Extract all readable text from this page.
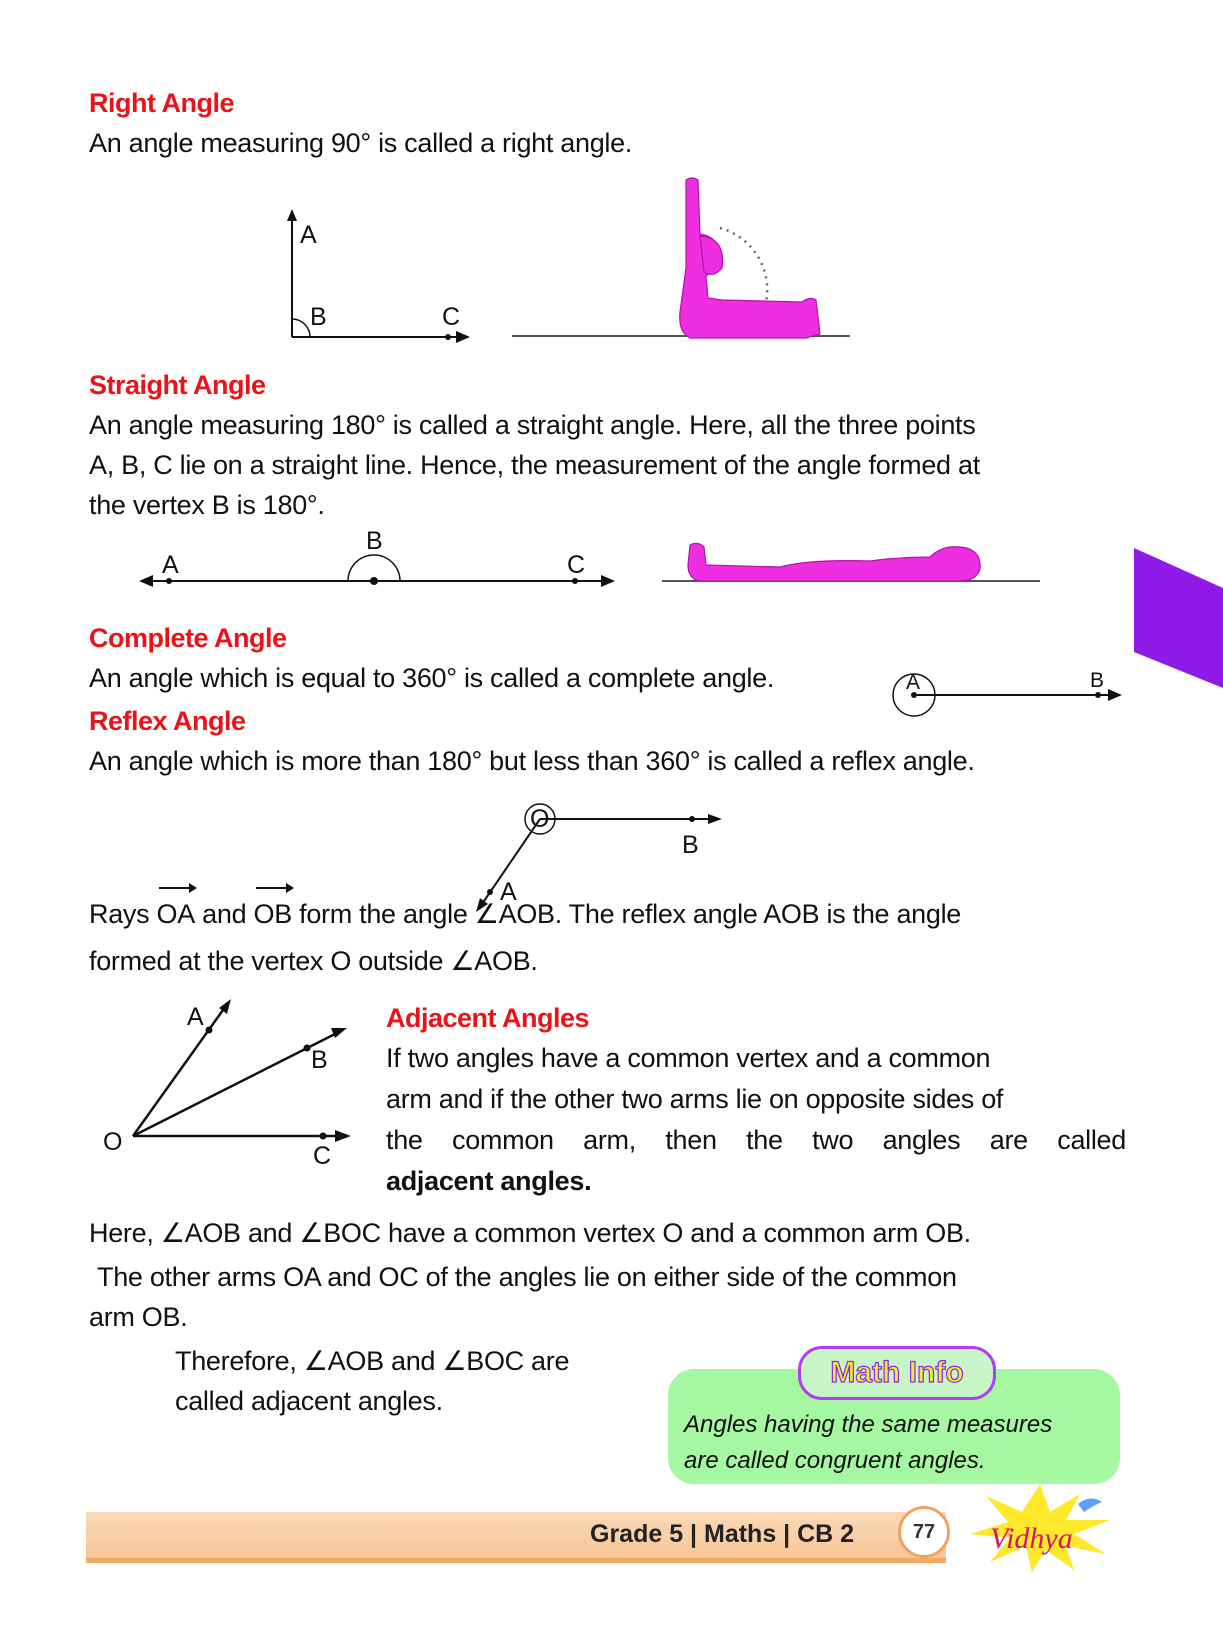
Right Angle
An angle measuring 90° is called a right angle.
A
B	C
Straight Angle
An angle measuring 180° is called a straight angle. Here, all the three points
A, B, C lie on a straight line. Hence, the measurement of the angle formed at
the vertex B is 180°.
A
B
C
Complete Angle
An angle which is equal to 360° is called a complete angle.	A	B
Reflex Angle
An angle which is more than 180° but less than 360° is called a reflex angle.
O
B
A
Rays
OA and
OB form the angle ∠AOB. The reflex angle AOB is the angle
formed at the vertex O outside ∠AOB.
O
A
B
C
Adjacent Angles
If two angles have a common vertex and a common
arm and if the other two arms lie on opposite sides of
the common arm, then the two angles are called
adjacent angles.
Here, ∠AOB and ∠BOC have a common vertex O and a common arm OB.
The other arms OA and OC of the angles lie on either side of the common
arm OB.
Therefore, ∠AOB and ∠BOC are
called adjacent angles.
Math Info
Angles having the same measures
are called congruent angles.
Grade 5 | Maths | CB 2	77	Vidhya
